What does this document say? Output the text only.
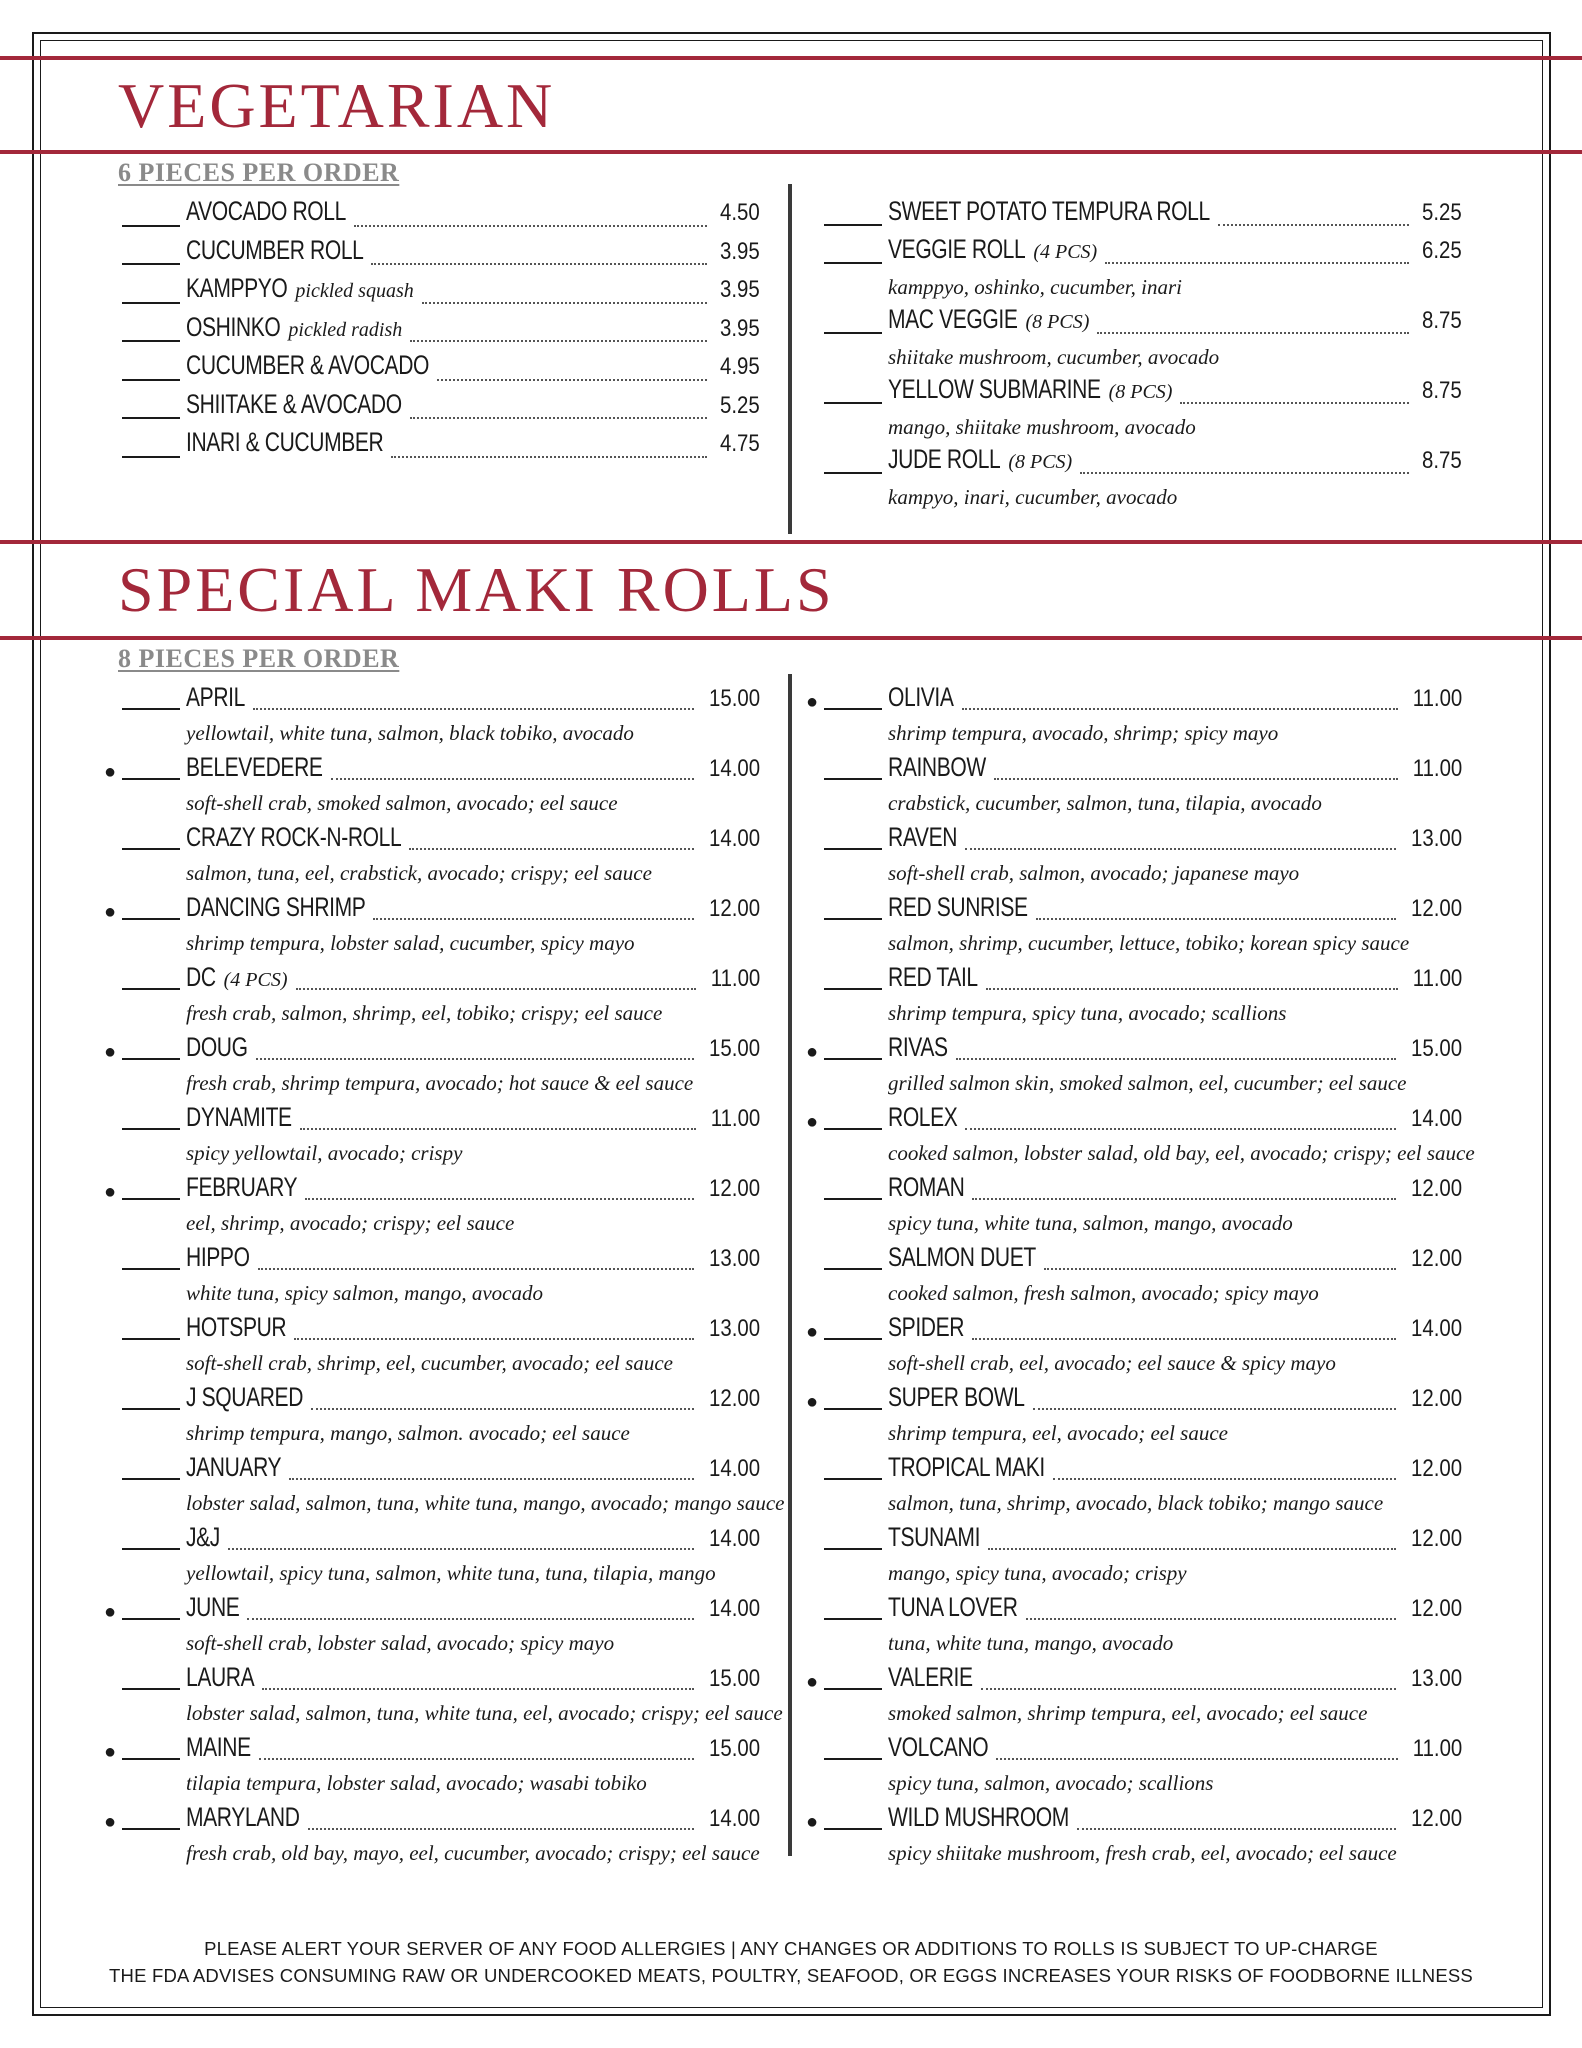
VEGETARIAN
6 PIECES PER ORDER
AVOCADO ROLL	4.50
CUCUMBER ROLL	3.95
KAMPPYO pickled squash	3.95
OSHINKO pickled radish	3.95
CUCUMBER & AVOCADO	4.95
SHIITAKE & AVOCADO	5.25
INARI & CUCUMBER	4.75
SWEET POTATO TEMPURA ROLL	5.25
VEGGIE ROLL (4 PCS)	6.25
kamppyo, oshinko, cucumber, inari
MAC VEGGIE (8 PCS)	8.75
shiitake mushroom, cucumber, avocado
YELLOW SUBMARINE (8 PCS)	8.75
mango, shiitake mushroom, avocado
JUDE ROLL (8 PCS)	8.75
kampyo, inari, cucumber, avocado
SPECIAL MAKI ROLLS
8 PIECES PER ORDER
APRIL	15.00
yellowtail, white tuna, salmon, black tobiko, avocado
●	BELEVEDERE	14.00
soft-shell crab, smoked salmon, avocado; eel sauce
CRAZY ROCK-N-ROLL	14.00
salmon, tuna, eel, crabstick, avocado; crispy; eel sauce
●	DANCING SHRIMP	12.00
shrimp tempura, lobster salad, cucumber, spicy mayo
DC (4 PCS)	11.00
fresh crab, salmon, shrimp, eel, tobiko; crispy; eel sauce
●	DOUG	15.00
fresh crab, shrimp tempura, avocado; hot sauce & eel sauce
DYNAMITE	11.00
spicy yellowtail, avocado; crispy
●	FEBRUARY	12.00
eel, shrimp, avocado; crispy; eel sauce
HIPPO	13.00
white tuna, spicy salmon, mango, avocado
HOTSPUR	13.00
soft-shell crab, shrimp, eel, cucumber, avocado; eel sauce
J SQUARED	12.00
shrimp tempura, mango, salmon. avocado; eel sauce
JANUARY	14.00
lobster salad, salmon, tuna, white tuna, mango, avocado; mango sauce
J&J	14.00
yellowtail, spicy tuna, salmon, white tuna, tuna, tilapia, mango
●	JUNE	14.00
soft-shell crab, lobster salad, avocado; spicy mayo
LAURA	15.00
lobster salad, salmon, tuna, white tuna, eel, avocado; crispy; eel sauce
●	MAINE	15.00
tilapia tempura, lobster salad, avocado; wasabi tobiko
●	MARYLAND	14.00
fresh crab, old bay, mayo, eel, cucumber, avocado; crispy; eel sauce
●	OLIVIA	11.00
shrimp tempura, avocado, shrimp; spicy mayo
RAINBOW	11.00
crabstick, cucumber, salmon, tuna, tilapia, avocado
RAVEN	13.00
soft-shell crab, salmon, avocado; japanese mayo
RED SUNRISE	12.00
salmon, shrimp, cucumber, lettuce, tobiko; korean spicy sauce
RED TAIL	11.00
shrimp tempura, spicy tuna, avocado; scallions
●	RIVAS	15.00
grilled salmon skin, smoked salmon, eel, cucumber; eel sauce
●	ROLEX	14.00
cooked salmon, lobster salad, old bay, eel, avocado; crispy; eel sauce
ROMAN	12.00
spicy tuna, white tuna, salmon, mango, avocado
SALMON DUET	12.00
cooked salmon, fresh salmon, avocado; spicy mayo
●	SPIDER	14.00
soft-shell crab, eel, avocado; eel sauce & spicy mayo
●	SUPER BOWL	12.00
shrimp tempura, eel, avocado; eel sauce
TROPICAL MAKI	12.00
salmon, tuna, shrimp, avocado, black tobiko; mango sauce
TSUNAMI	12.00
mango, spicy tuna, avocado; crispy
TUNA LOVER	12.00
tuna, white tuna, mango, avocado
●	VALERIE	13.00
smoked salmon, shrimp tempura, eel, avocado; eel sauce
VOLCANO	11.00
spicy tuna, salmon, avocado; scallions
●	WILD MUSHROOM	12.00
spicy shiitake mushroom, fresh crab, eel, avocado; eel sauce
PLEASE ALERT YOUR SERVER OF ANY FOOD ALLERGIES | ANY CHANGES OR ADDITIONS TO ROLLS IS SUBJECT TO UP-CHARGE
THE FDA ADVISES CONSUMING RAW OR UNDERCOOKED MEATS, POULTRY, SEAFOOD, OR EGGS INCREASES YOUR RISKS OF FOODBORNE ILLNESS
